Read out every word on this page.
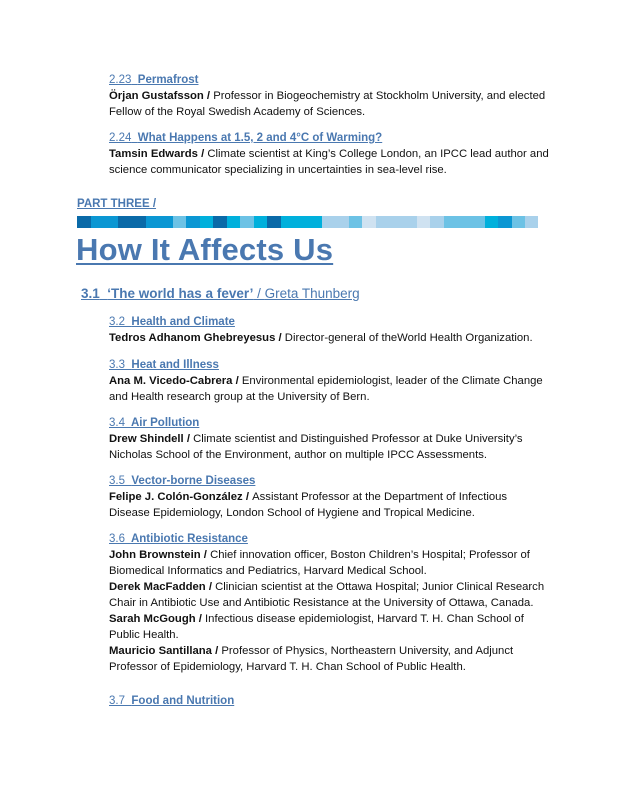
2.23 Permafrost

Örjan Gustafsson / Professor in Biogeochemistry at Stockholm University, and elected Fellow of the Royal Swedish Academy of Sciences.

2.24 What Happens at 1.5, 2 and 4°C of Warming?

Tamsin Edwards / Climate scientist at King’s College London, an IPCC lead author and science communicator specializing in uncertainties in sea-level rise.

PART THREE /
How It Affects Us
3.1 ‘The world has a fever’ / Greta Thunberg
3.2 Health and Climate

Tedros Adhanom Ghebreyesus / Director-general of theWorld Health Organization.

3.3 Heat and Illness

Ana M. Vicedo-Cabrera / Environmental epidemiologist, leader of the Climate Change and Health research group at the University of Bern.

3.4 Air Pollution

Drew Shindell / Climate scientist and Distinguished Professor at Duke University’s Nicholas School of the Environment, author on multiple IPCC Assessments.

3.5 Vector-borne Diseases

Felipe J. Colón-González / Assistant Professor at the Department of Infectious Disease Epidemiology, London School of Hygiene and Tropical Medicine.

3.6 Antibiotic Resistance

John Brownstein / Chief innovation officer, Boston Children’s Hospital; Professor of Biomedical Informatics and Pediatrics, Harvard Medical School.

Derek MacFadden / Clinician scientist at the Ottawa Hospital; Junior Clinical Research Chair in Antibiotic Use and Antibiotic Resistance at the University of Ottawa, Canada.

Sarah McGough / Infectious disease epidemiologist, Harvard T. H. Chan School of Public Health.

Mauricio Santillana / Professor of Physics, Northeastern University, and Adjunct Professor of Epidemiology, Harvard T. H. Chan School of Public Health.

3.7 Food and Nutrition
